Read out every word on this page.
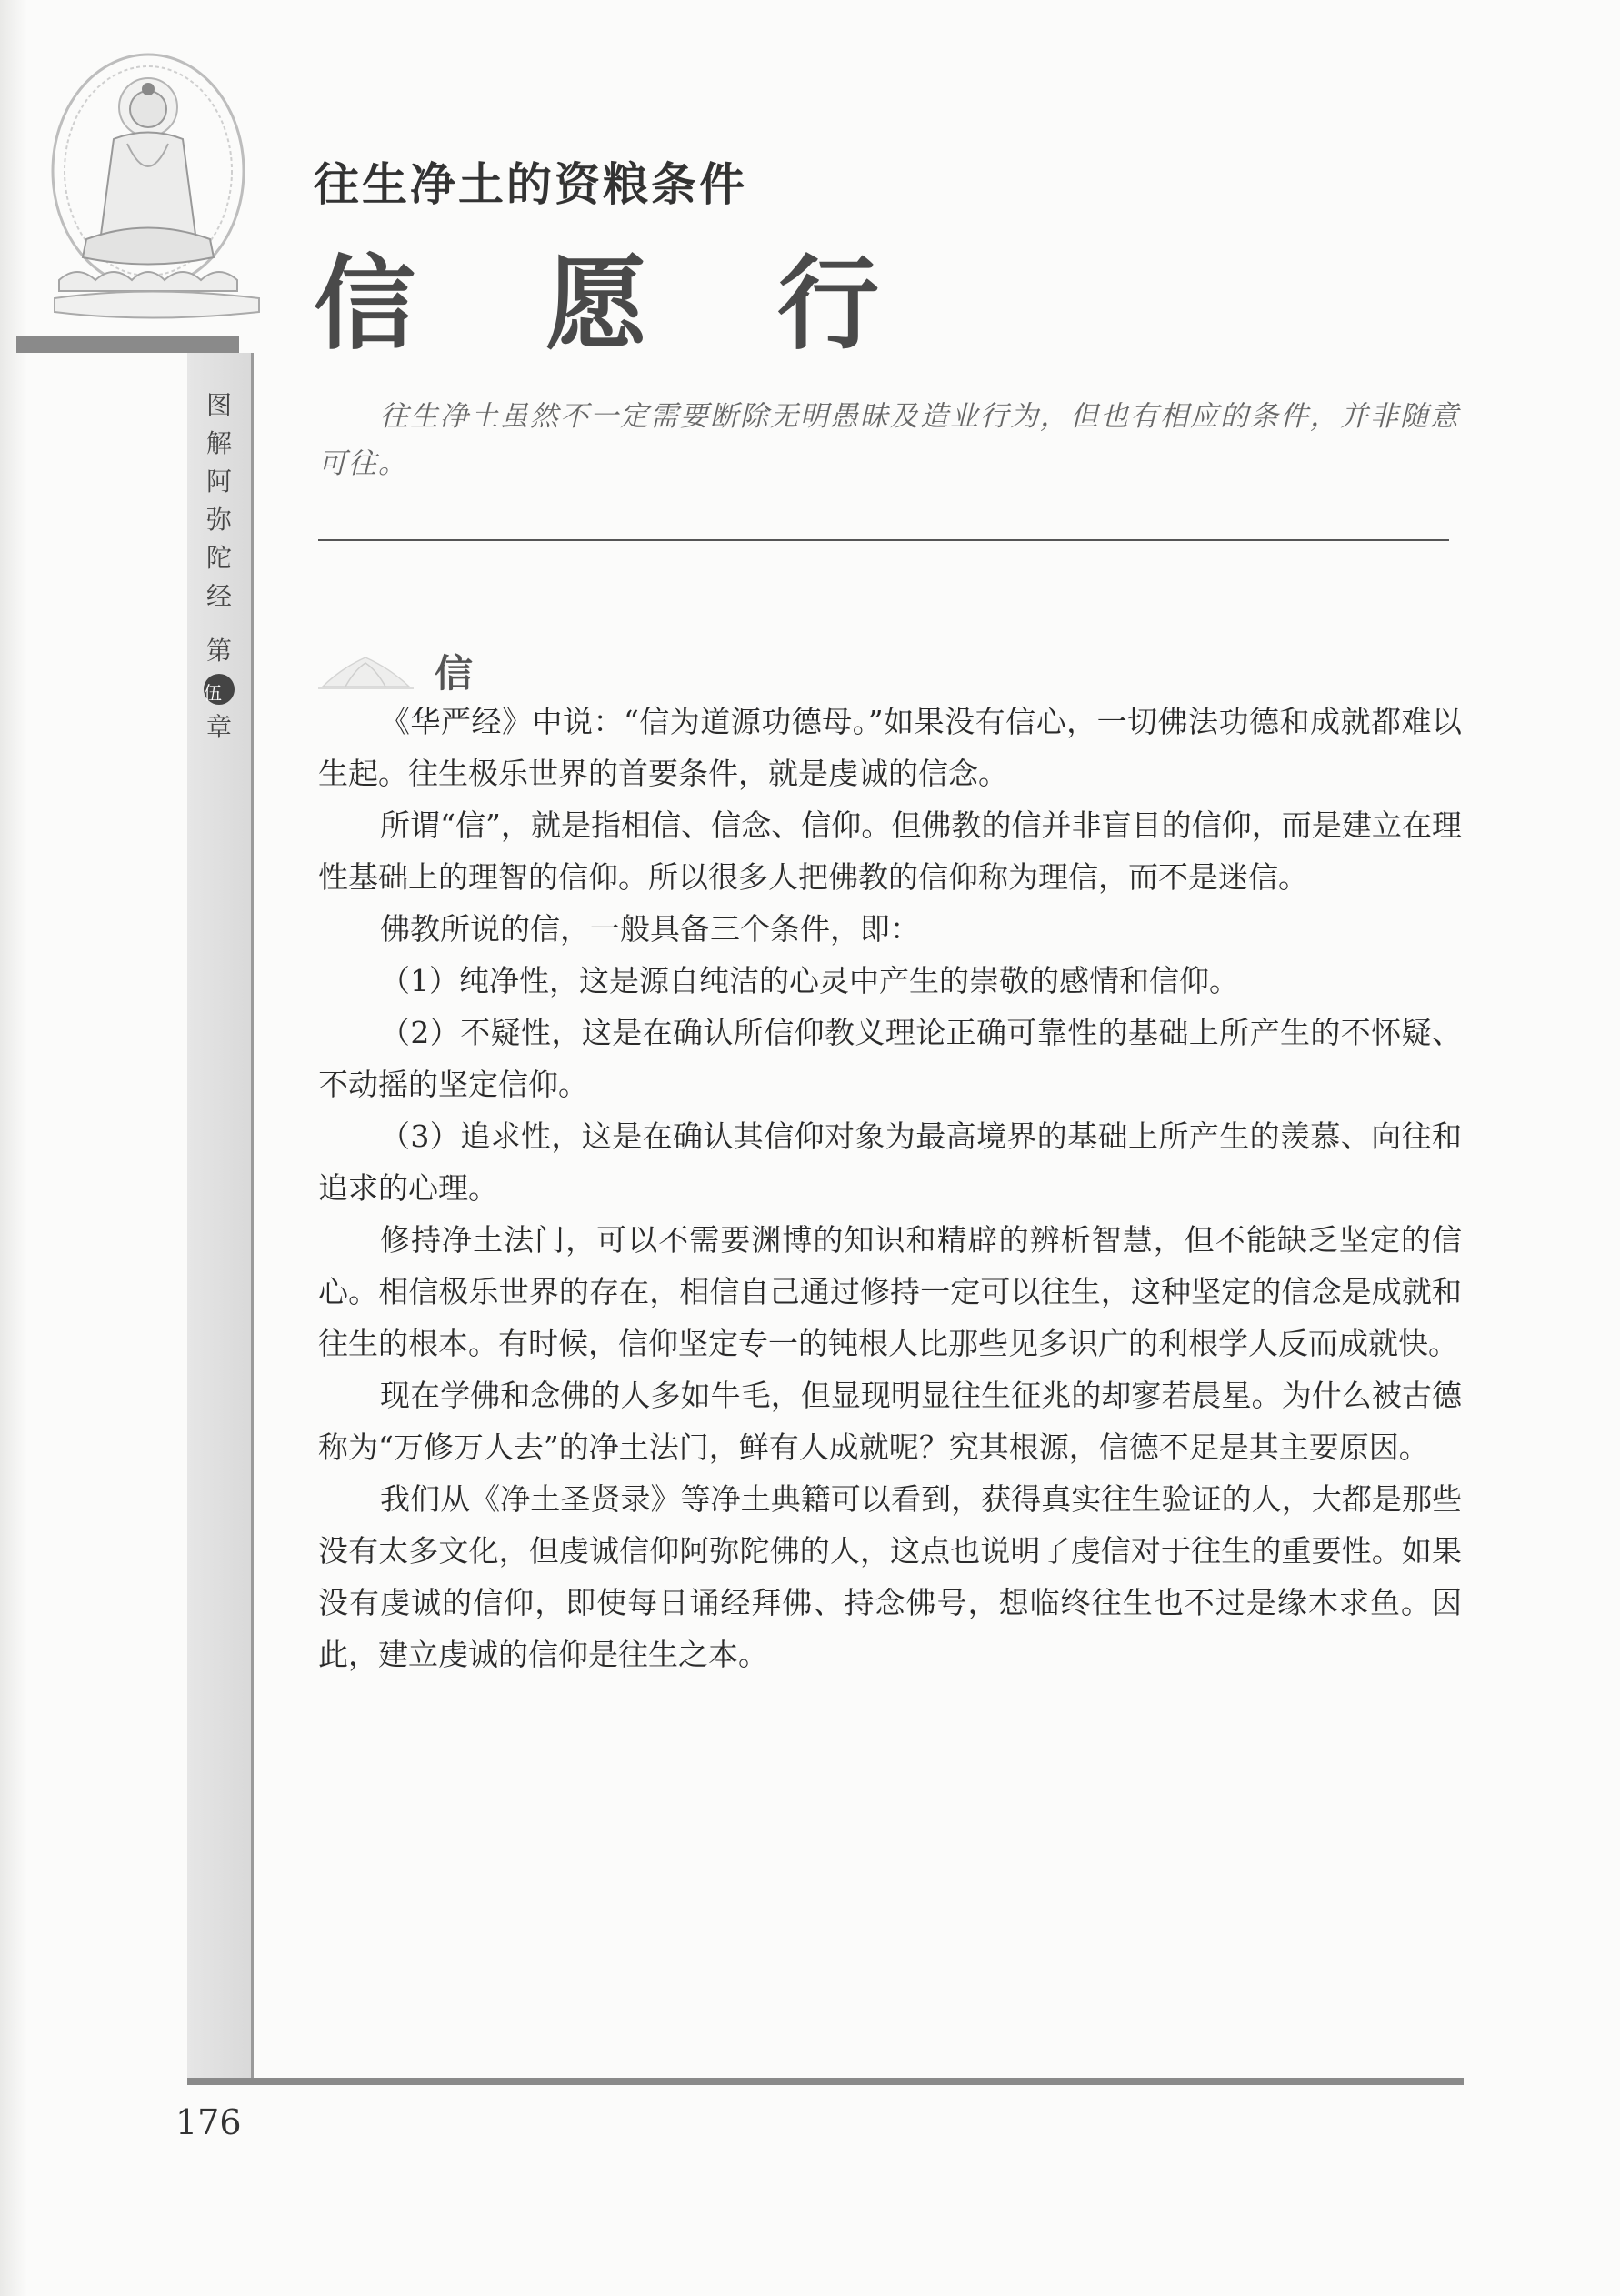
图
解
阿
弥
陀
经
第
伍
章
往生净土的资粮条件
信 愿 行
往生净土虽然不一定需要断除无明愚昧及造业行为，但也有相应的条件，并非随意可往。
信

《华严经》中说：“信为道源功德母。”如果没有信心，一切佛法功德和成就都难以生起。往生极乐世界的首要条件，就是虔诚的信念。

所谓“信”，就是指相信、信念、信仰。但佛教的信并非盲目的信仰，而是建立在理性基础上的理智的信仰。所以很多人把佛教的信仰称为理信，而不是迷信。

佛教所说的信，一般具备三个条件，即：

（1）纯净性，这是源自纯洁的心灵中产生的崇敬的感情和信仰。

（2）不疑性，这是在确认所信仰教义理论正确可靠性的基础上所产生的不怀疑、不动摇的坚定信仰。

（3）追求性，这是在确认其信仰对象为最高境界的基础上所产生的羡慕、向往和追求的心理。

修持净土法门，可以不需要渊博的知识和精辟的辨析智慧，但不能缺乏坚定的信心。相信极乐世界的存在，相信自己通过修持一定可以往生，这种坚定的信念是成就和往生的根本。有时候，信仰坚定专一的钝根人比那些见多识广的利根学人反而成就快。

现在学佛和念佛的人多如牛毛，但显现明显往生征兆的却寥若晨星。为什么被古德称为“万修万人去”的净土法门，鲜有人成就呢？究其根源，信德不足是其主要原因。

我们从《净土圣贤录》等净土典籍可以看到，获得真实往生验证的人，大都是那些没有太多文化，但虔诚信仰阿弥陀佛的人，这点也说明了虔信对于往生的重要性。如果没有虔诚的信仰，即使每日诵经拜佛、持念佛号，想临终往生也不过是缘木求鱼。因此，建立虔诚的信仰是往生之本。

176
